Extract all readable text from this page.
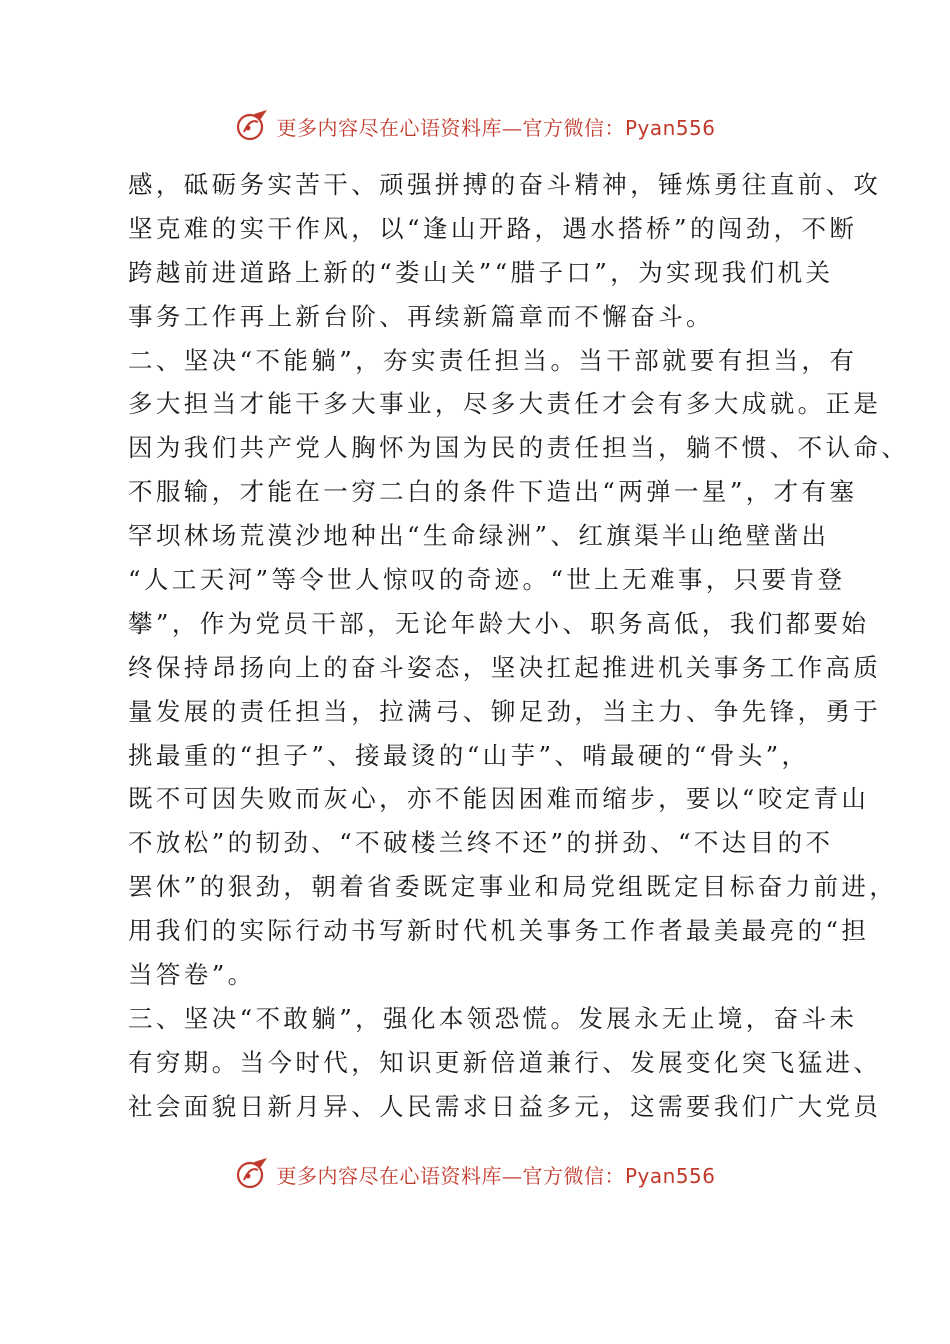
更多内容尽在心语资料库—官方微信：Pyan556
感，砥砺务实苦干、顽强拼搏的奋斗精神，锤炼勇往直前、攻
坚克难的实干作风，以“逢山开路，遇水搭桥”的闯劲，不断
跨越前进道路上新的“娄山关”“腊子口”，为实现我们机关
事务工作再上新台阶、再续新篇章而不懈奋斗。
二、坚决“不能躺”，夯实责任担当。当干部就要有担当，有
多大担当才能干多大事业，尽多大责任才会有多大成就。正是
因为我们共产党人胸怀为国为民的责任担当，躺不惯、不认命、
不服输，才能在一穷二白的条件下造出“两弹一星”，才有塞
罕坝林场荒漠沙地种出“生命绿洲”、红旗渠半山绝壁凿出
“人工天河”等令世人惊叹的奇迹。“世上无难事，只要肯登
攀”，作为党员干部，无论年龄大小、职务高低，我们都要始
终保持昂扬向上的奋斗姿态，坚决扛起推进机关事务工作高质
量发展的责任担当，拉满弓、铆足劲，当主力、争先锋，勇于
挑最重的“担子”、接最烫的“山芋”、啃最硬的“骨头”，
既不可因失败而灰心，亦不能因困难而缩步，要以“咬定青山
不放松”的韧劲、“不破楼兰终不还”的拼劲、“不达目的不
罢休”的狠劲，朝着省委既定事业和局党组既定目标奋力前进，
用我们的实际行动书写新时代机关事务工作者最美最亮的“担
当答卷”。
三、坚决“不敢躺”，强化本领恐慌。发展永无止境，奋斗未
有穷期。当今时代，知识更新倍道兼行、发展变化突飞猛进、
社会面貌日新月异、人民需求日益多元，这需要我们广大党员
更多内容尽在心语资料库—官方微信：Pyan556
